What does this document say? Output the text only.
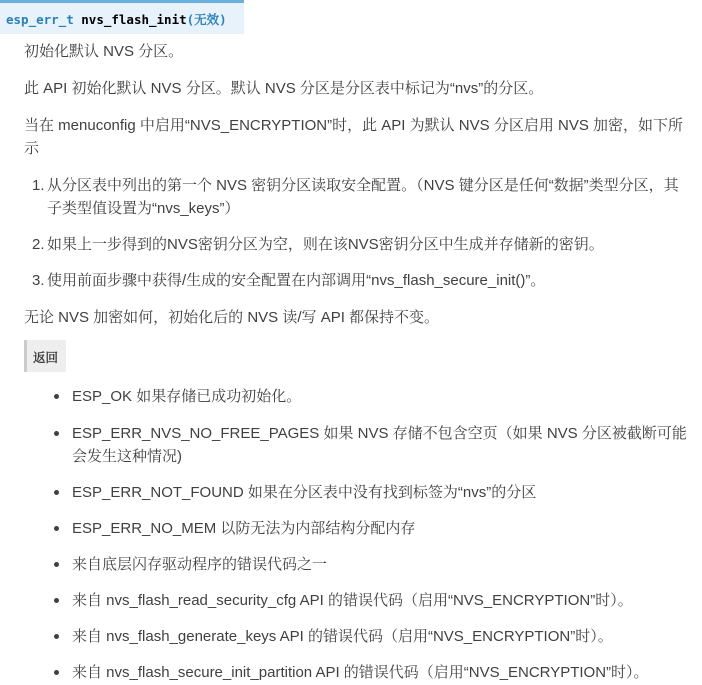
esp_err_t nvs_flash_init(无效)
初始化默认 NVS 分区。
此 API 初始化默认 NVS 分区。默认 NVS 分区是分区表中标记为“nvs”的分区。
当在 menuconfig 中启用“NVS_ENCRYPTION”时，此 API 为默认 NVS 分区启用 NVS 加密，如下所示
1. 从分区表中列出的第一个 NVS 密钥分区读取安全配置。（NVS 键分区是任何“数据”类型分区，其子类型值设置为“nvs_keys”）
2. 如果上一步得到的NVS密钥分区为空，则在该NVS密钥分区中生成并存储新的密钥。
3. 使用前面步骤中获得/生成的安全配置在内部调用“nvs_flash_secure_init()”。
无论 NVS 加密如何，初始化后的 NVS 读/写 API 都保持不变。
返回
ESP_OK 如果存储已成功初始化。
ESP_ERR_NVS_NO_FREE_PAGES 如果 NVS 存储不包含空页（如果 NVS 分区被截断可能会发生这种情况)
ESP_ERR_NOT_FOUND 如果在分区表中没有找到标签为“nvs”的分区
ESP_ERR_NO_MEM 以防无法为内部结构分配内存
来自底层闪存驱动程序的错误代码之一
来自 nvs_flash_read_security_cfg API 的错误代码（启用“NVS_ENCRYPTION”时）。
来自 nvs_flash_generate_keys API 的错误代码（启用“NVS_ENCRYPTION”时）。
来自 nvs_flash_secure_init_partition API 的错误代码（启用“NVS_ENCRYPTION”时）。
